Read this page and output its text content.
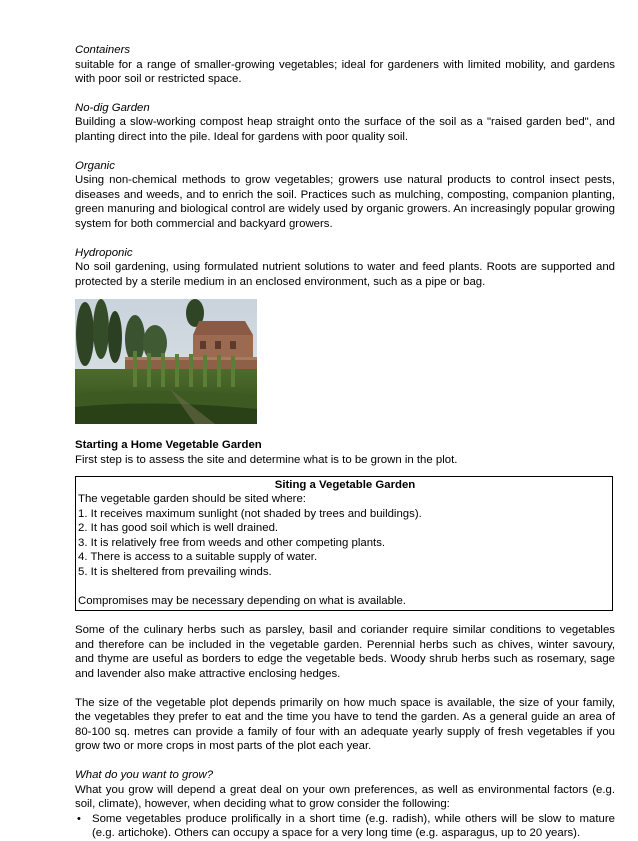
Containers

suitable for a range of smaller-growing vegetables; ideal for gardeners with limited mobility, and gardens with poor soil or restricted space.

No-dig Garden

Building a slow-working compost heap straight onto the surface of the soil as a "raised garden bed", and planting direct into the pile. Ideal for gardens with poor quality soil.

Organic

Using non-chemical methods to grow vegetables; growers use natural products to control insect pests, diseases and weeds, and to enrich the soil. Practices such as mulching, composting, companion planting, green manuring and biological control are widely used by organic growers. An increasingly popular growing system for both commercial and backyard growers.

Hydroponic

No soil gardening, using formulated nutrient solutions to water and feed plants. Roots are supported and protected by a sterile medium in an enclosed environment, such as a pipe or bag.

Starting a Home Vegetable Garden

First step is to assess the site and determine what is to be grown in the plot.

Siting a Vegetable Garden

The vegetable garden should be sited where:

1. It receives maximum sunlight (not shaded by trees and buildings).

2. It has good soil which is well drained.

3. It is relatively free from weeds and other competing plants.

4. There is access to a suitable supply of water.

5. It is sheltered from prevailing winds.

Compromises may be necessary depending on what is available.

Some of the culinary herbs such as parsley, basil and coriander require similar conditions to vegetables and therefore can be included in the vegetable garden. Perennial herbs such as chives, winter savoury, and thyme are useful as borders to edge the vegetable beds. Woody shrub herbs such as rosemary, sage and lavender also make attractive enclosing hedges.

The size of the vegetable plot depends primarily on how much space is available, the size of your family, the vegetables they prefer to eat and the time you have to tend the garden. As a general guide an area of 80-100 sq. metres can provide a family of four with an adequate yearly supply of fresh vegetables if you grow two or more crops in most parts of the plot each year.

What do you want to grow?

What you grow will depend a great deal on your own preferences, as well as environmental factors (e.g. soil, climate), however, when deciding what to grow consider the following:

• Some vegetables produce prolifically in a short time (e.g. radish), while others will be slow to mature (e.g. artichoke). Others can occupy a space for a very long time (e.g. asparagus, up to 20 years).
